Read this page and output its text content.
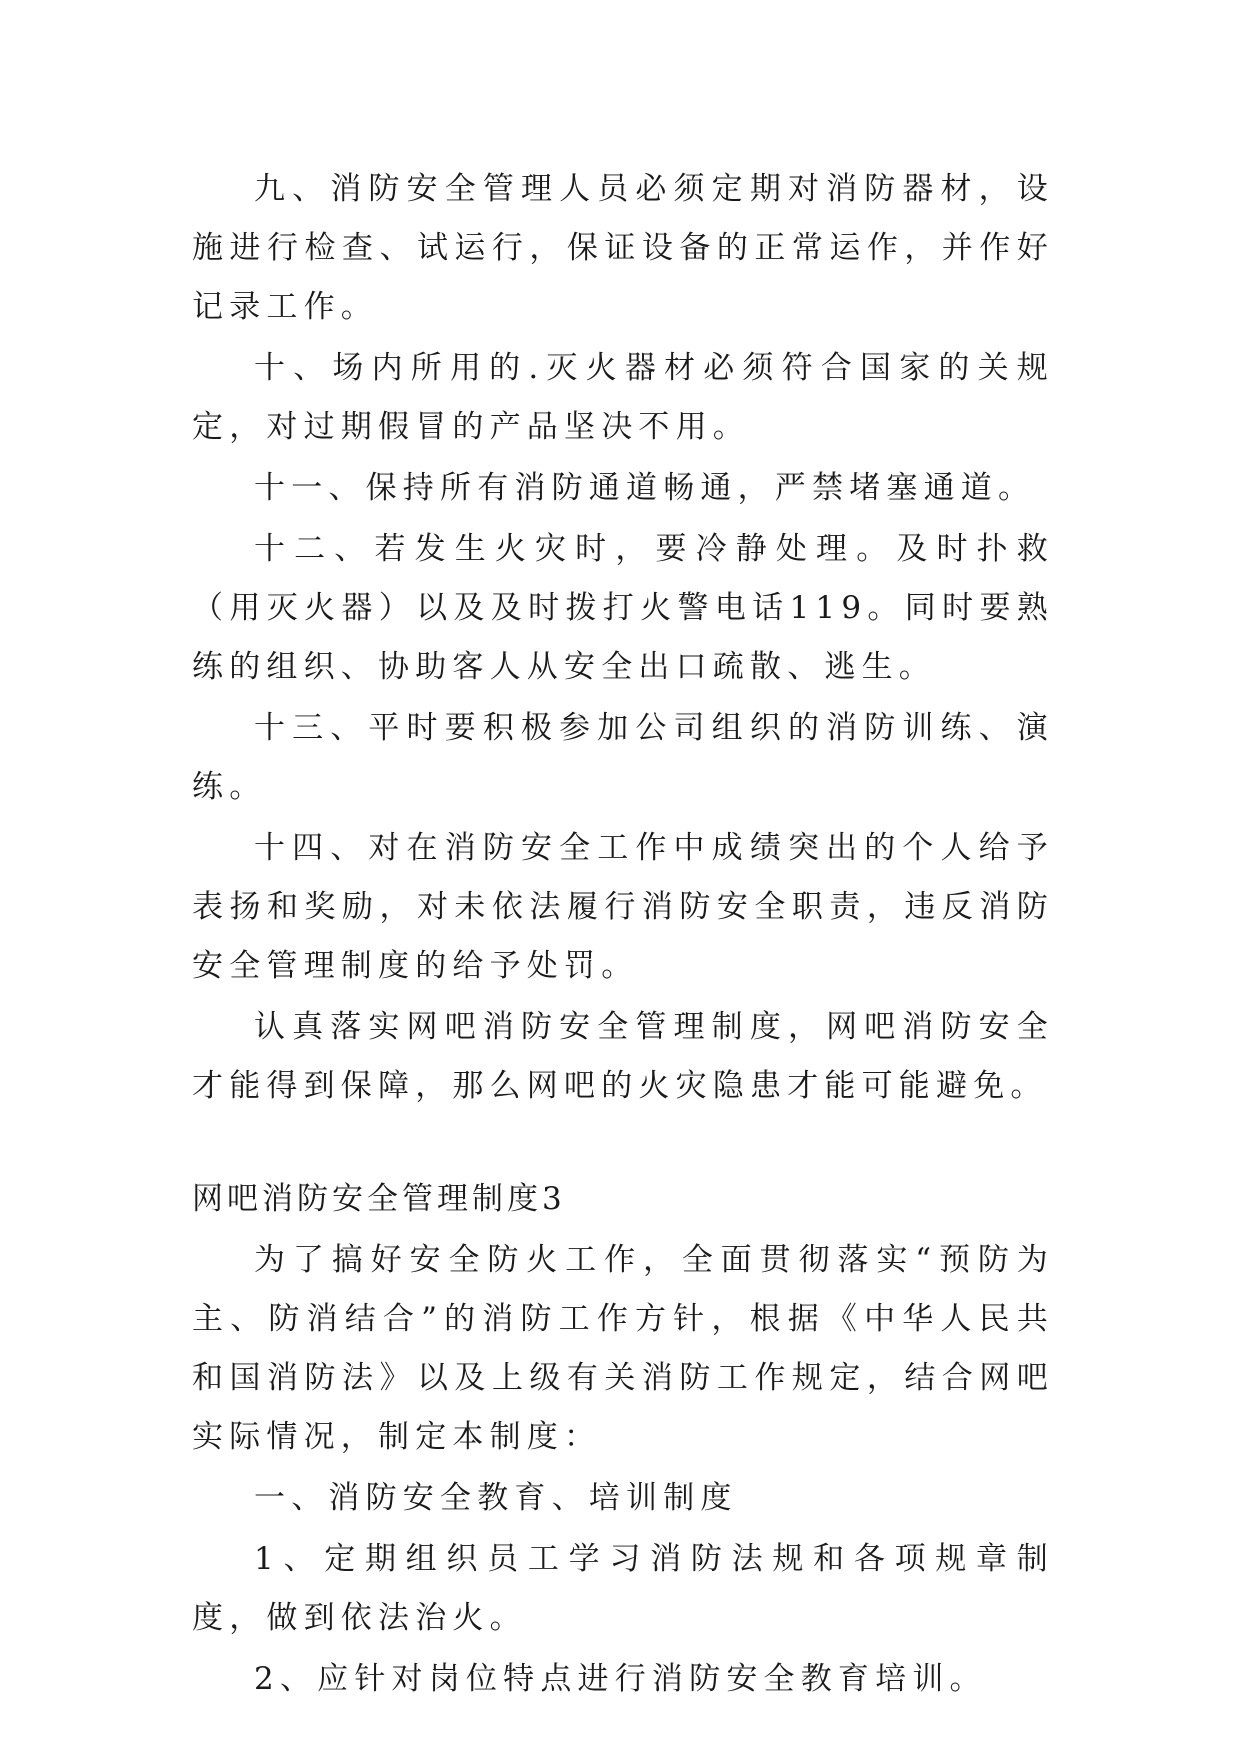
九、消防安全管理人员必须定期对消防器材，设施进行检查、试运行，保证设备的正常运作，并作好记录工作。

十、场内所用的.灭火器材必须符合国家的关规定，对过期假冒的产品坚决不用。

十一、保持所有消防通道畅通，严禁堵塞通道。

十二、若发生火灾时，要冷静处理。及时扑救（用灭火器）以及及时拨打火警电话119。同时要熟练的组织、协助客人从安全出口疏散、逃生。

十三、平时要积极参加公司组织的消防训练、演练。

十四、对在消防安全工作中成绩突出的个人给予表扬和奖励，对未依法履行消防安全职责，违反消防安全管理制度的给予处罚。

认真落实网吧消防安全管理制度，网吧消防安全才能得到保障，那么网吧的火灾隐患才能可能避免。

网吧消防安全管理制度3

为了搞好安全防火工作，全面贯彻落实“预防为主、防消结合”的消防工作方针，根据《中华人民共和国消防法》以及上级有关消防工作规定，结合网吧实际情况，制定本制度：

一、消防安全教育、培训制度

1、定期组织员工学习消防法规和各项规章制度，做到依法治火。

2、应针对岗位特点进行消防安全教育培训。
